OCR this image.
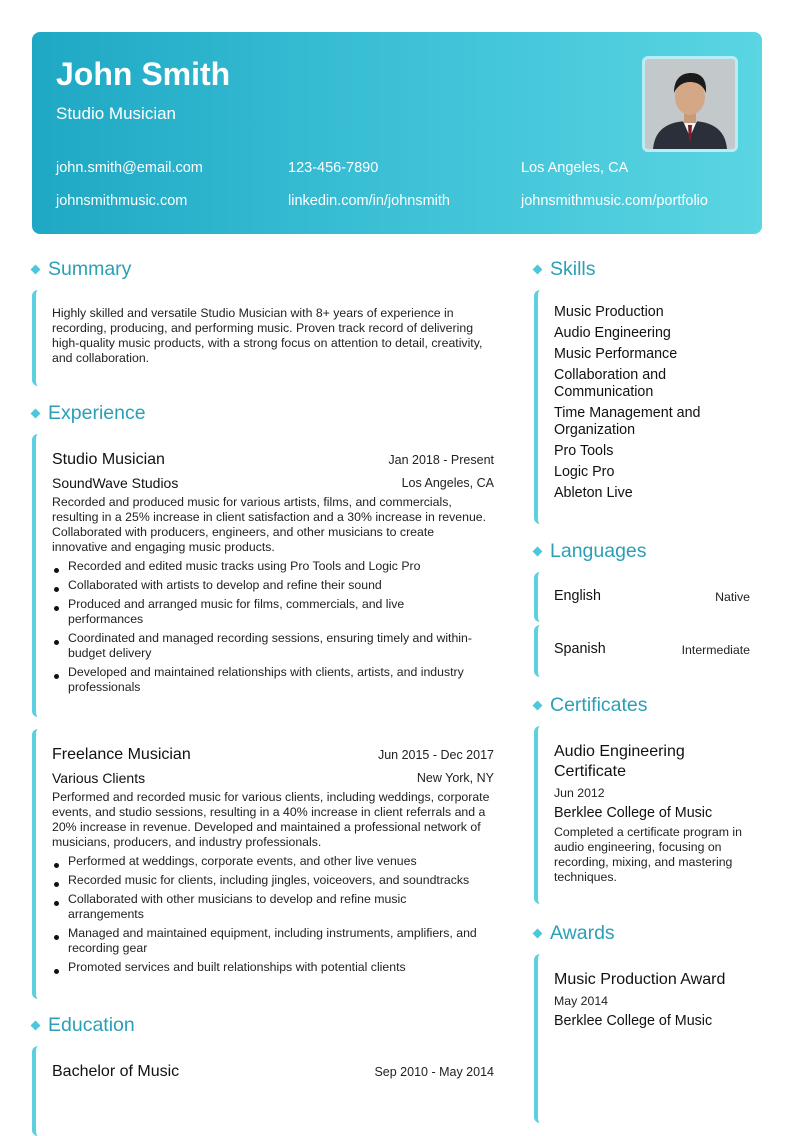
John Smith
Studio Musician
john.smith@email.com	123-456-7890	Los Angeles, CA
johnsmithmusic.com	linkedin.com/in/johnsmith	johnsmithmusic.com/portfolio
Summary
Highly skilled and versatile Studio Musician with 8+ years of experience in recording, producing, and performing music. Proven track record of delivering high-quality music products, with a strong focus on attention to detail, creativity, and collaboration.
Experience
Studio Musician	Jan 2018 - Present
SoundWave Studios	Los Angeles, CA
Recorded and produced music for various artists, films, and commercials, resulting in a 25% increase in client satisfaction and a 30% increase in revenue. Collaborated with producers, engineers, and other musicians to create innovative and engaging music products.
Recorded and edited music tracks using Pro Tools and Logic Pro
Collaborated with artists to develop and refine their sound
Produced and arranged music for films, commercials, and live performances
Coordinated and managed recording sessions, ensuring timely and within-budget delivery
Developed and maintained relationships with clients, artists, and industry professionals
Freelance Musician	Jun 2015 - Dec 2017
Various Clients	New York, NY
Performed and recorded music for various clients, including weddings, corporate events, and studio sessions, resulting in a 40% increase in client referrals and a 20% increase in revenue. Developed and maintained a professional network of musicians, producers, and industry professionals.
Performed at weddings, corporate events, and other live venues
Recorded music for clients, including jingles, voiceovers, and soundtracks
Collaborated with other musicians to develop and refine music arrangements
Managed and maintained equipment, including instruments, amplifiers, and recording gear
Promoted services and built relationships with potential clients
Education
Bachelor of Music	Sep 2010 - May 2014
Skills
Music Production
Audio Engineering
Music Performance
Collaboration and Communication
Time Management and Organization
Pro Tools
Logic Pro
Ableton Live
Languages
English	Native
Spanish	Intermediate
Certificates
Audio Engineering Certificate
Jun 2012
Berklee College of Music
Completed a certificate program in audio engineering, focusing on recording, mixing, and mastering techniques.
Awards
Music Production Award
May 2014
Berklee College of Music
